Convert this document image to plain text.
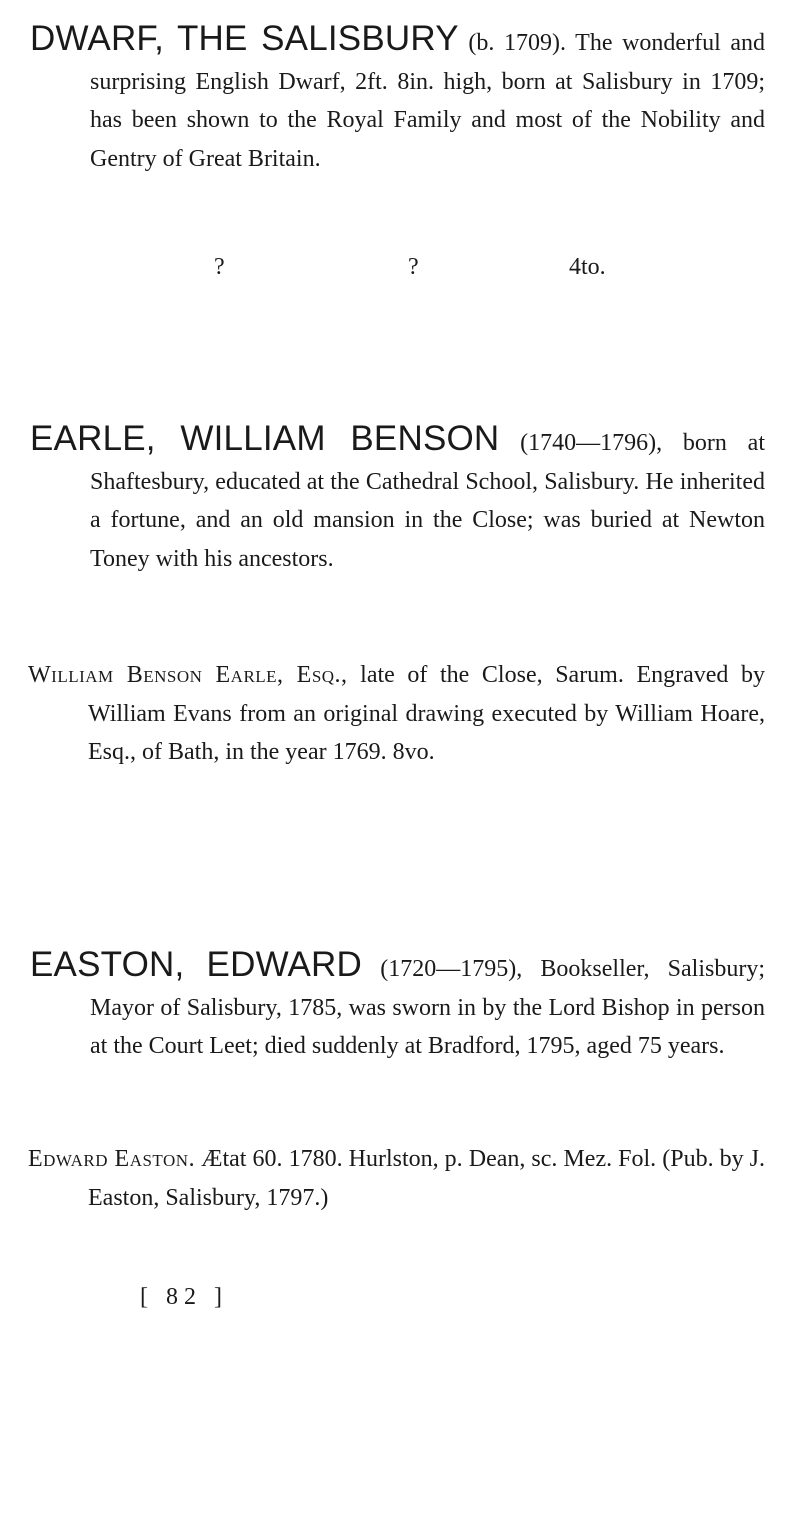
DWARF, THE SALISBURY (b. 1709). The wonderful and surprising English Dwarf, 2ft. 8in. high, born at Salisbury in 1709; has been shown to the Royal Family and most of the Nobility and Gentry of Great Britain.
?	?	4to.
EARLE, WILLIAM BENSON (1740—1796), born at Shaftesbury, educated at the Cathedral School, Salisbury. He inherited a fortune, and an old mansion in the Close; was buried at Newton Toney with his ancestors.
William Benson Earle, Esq., late of the Close, Sarum. Engraved by William Evans from an original drawing executed by William Hoare, Esq., of Bath, in the year 1769. 8vo.
EASTON, EDWARD (1720—1795), Bookseller, Salisbury; Mayor of Salisbury, 1785, was sworn in by the Lord Bishop in person at the Court Leet; died suddenly at Bradford, 1795, aged 75 years.
Edward Easton. Ætat 60. 1780. Hurlston, p. Dean, sc. Mez. Fol. (Pub. by J. Easton, Salisbury, 1797.)
[ 82 ]
